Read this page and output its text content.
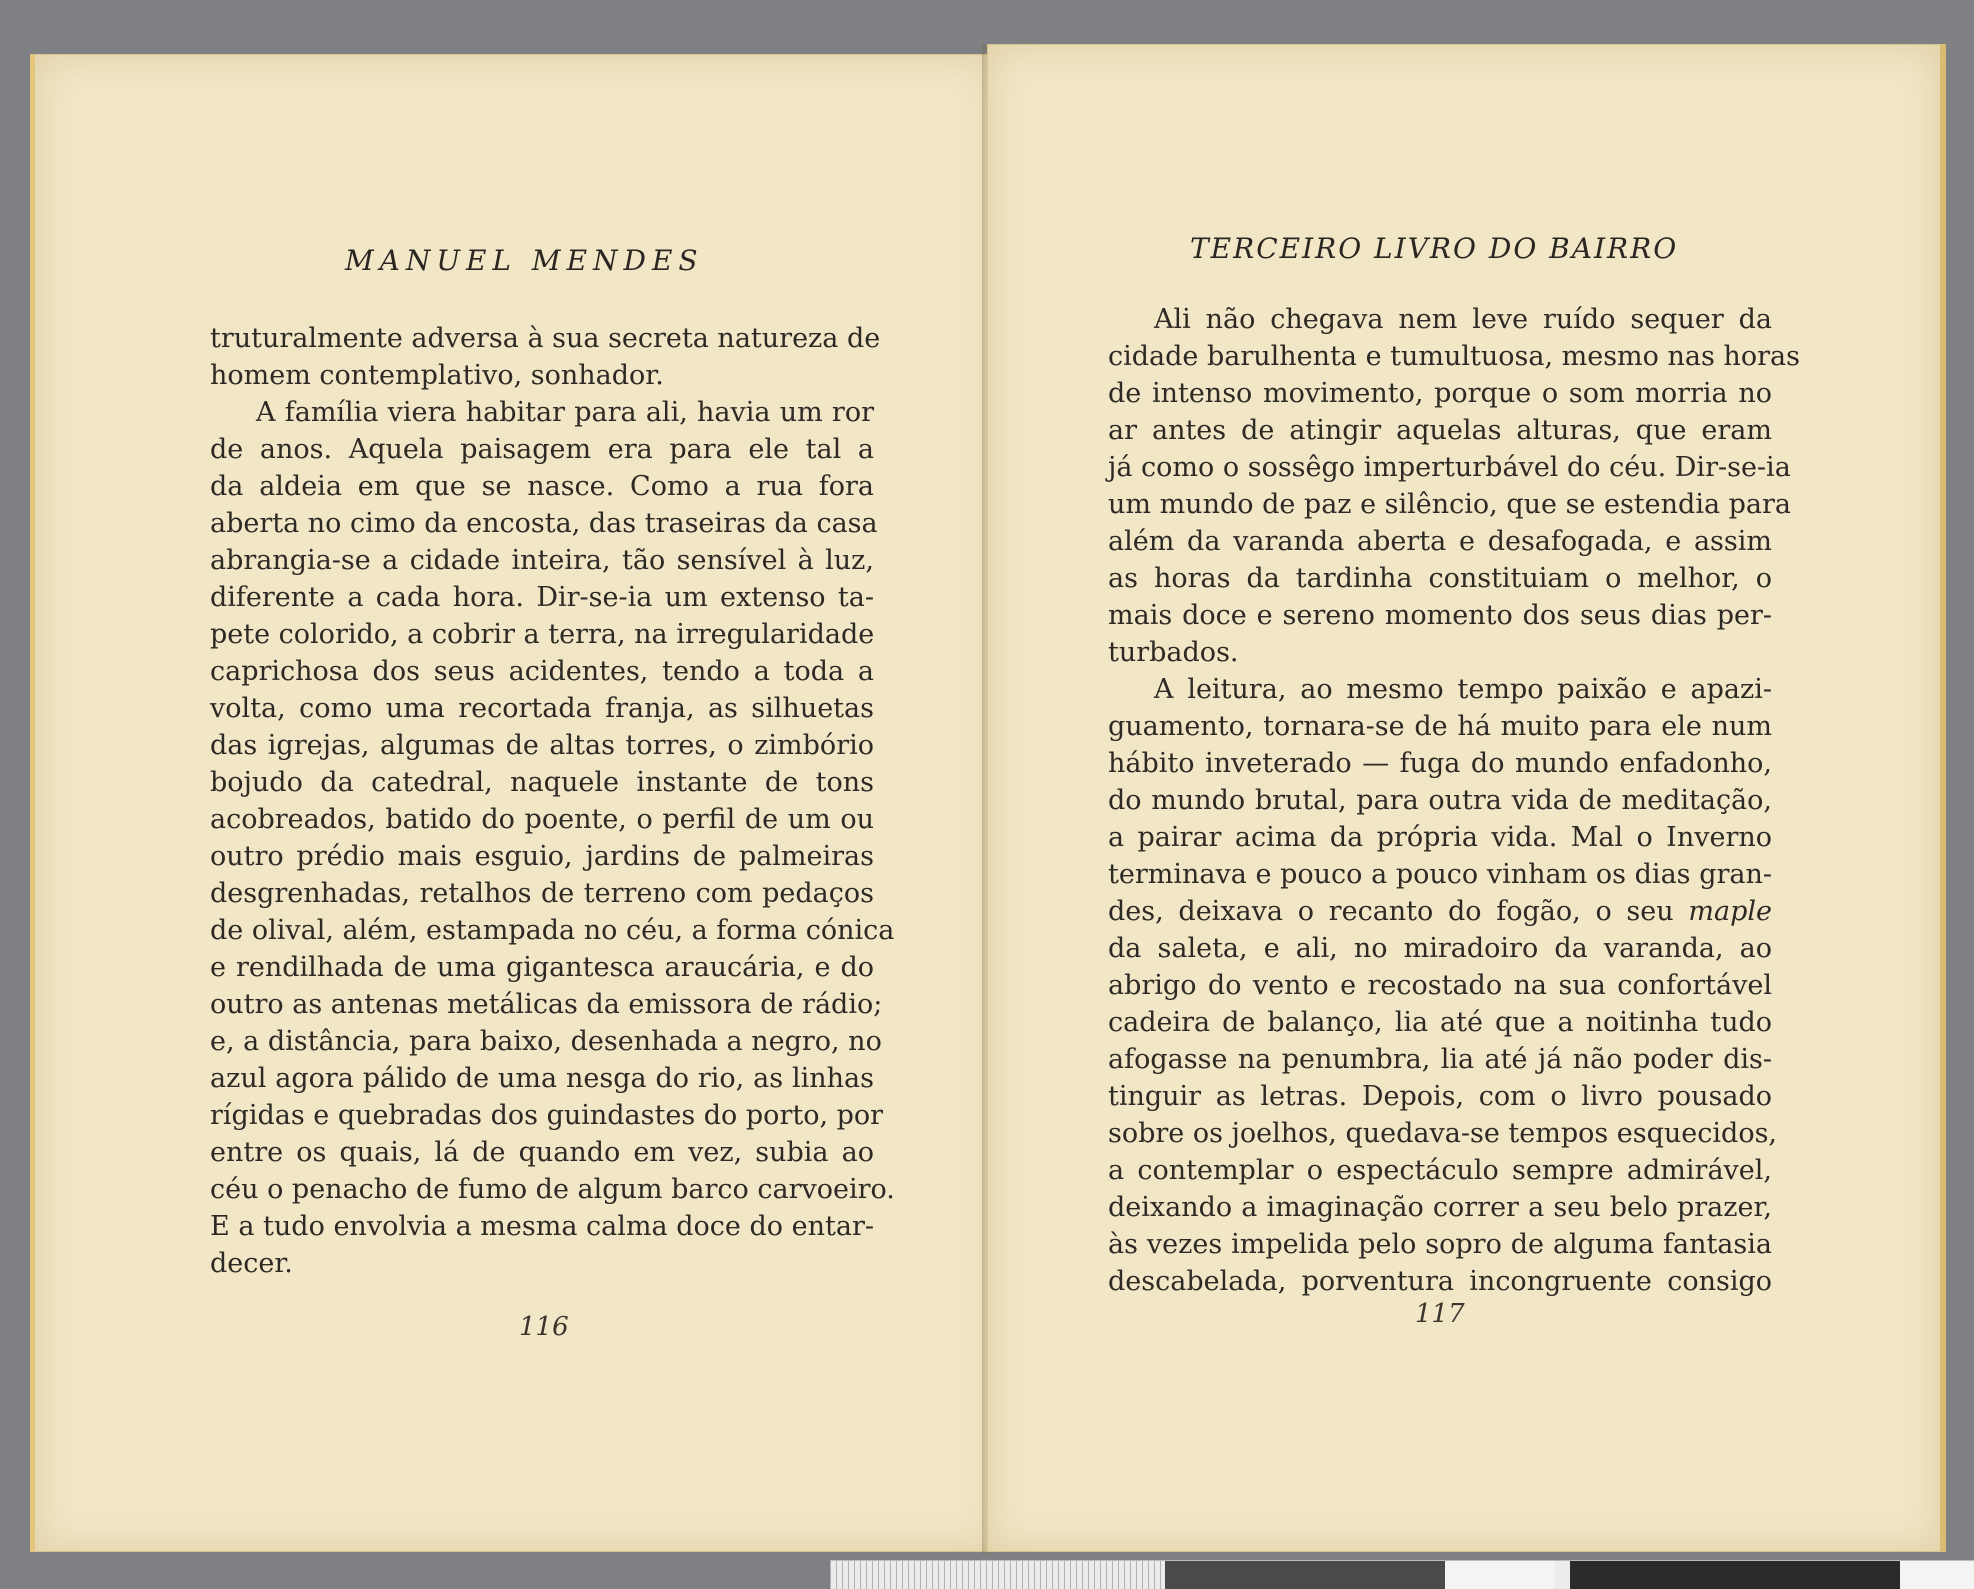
MANUEL MENDES
truturalmente adversa à sua secreta natureza de
homem contemplativo, sonhador.
A família viera habitar para ali, havia um ror
de anos. Aquela paisagem era para ele tal a
da aldeia em que se nasce. Como a rua fora
aberta no cimo da encosta, das traseiras da casa
abrangia-se a cidade inteira, tão sensível à luz,
diferente a cada hora. Dir-se-ia um extenso ta-
pete colorido, a cobrir a terra, na irregularidade
caprichosa dos seus acidentes, tendo a toda a
volta, como uma recortada franja, as silhuetas
das igrejas, algumas de altas torres, o zimbório
bojudo da catedral, naquele instante de tons
acobreados, batido do poente, o perfil de um ou
outro prédio mais esguio, jardins de palmeiras
desgrenhadas, retalhos de terreno com pedaços
de olival, além, estampada no céu, a forma cónica
e rendilhada de uma gigantesca araucária, e do
outro as antenas metálicas da emissora de rádio;
e, a distância, para baixo, desenhada a negro, no
azul agora pálido de uma nesga do rio, as linhas
rígidas e quebradas dos guindastes do porto, por
entre os quais, lá de quando em vez, subia ao
céu o penacho de fumo de algum barco carvoeiro.
E a tudo envolvia a mesma calma doce do entar-
decer.
116
TERCEIRO LIVRO DO BAIRRO
Ali não chegava nem leve ruído sequer da
cidade barulhenta e tumultuosa, mesmo nas horas
de intenso movimento, porque o som morria no
ar antes de atingir aquelas alturas, que eram
já como o sossêgo imperturbável do céu. Dir-se-ia
um mundo de paz e silêncio, que se estendia para
além da varanda aberta e desafogada, e assim
as horas da tardinha constituiam o melhor, o
mais doce e sereno momento dos seus dias per-
turbados.
A leitura, ao mesmo tempo paixão e apazi-
guamento, tornara-se de há muito para ele num
hábito inveterado — fuga do mundo enfadonho,
do mundo brutal, para outra vida de meditação,
a pairar acima da própria vida. Mal o Inverno
terminava e pouco a pouco vinham os dias gran-
des, deixava o recanto do fogão, o seu maple
da saleta, e ali, no miradoiro da varanda, ao
abrigo do vento e recostado na sua confortável
cadeira de balanço, lia até que a noitinha tudo
afogasse na penumbra, lia até já não poder dis-
tinguir as letras. Depois, com o livro pousado
sobre os joelhos, quedava-se tempos esquecidos,
a contemplar o espectáculo sempre admirável,
deixando a imaginação correr a seu belo prazer,
às vezes impelida pelo sopro de alguma fantasia
descabelada, porventura incongruente consigo
117
